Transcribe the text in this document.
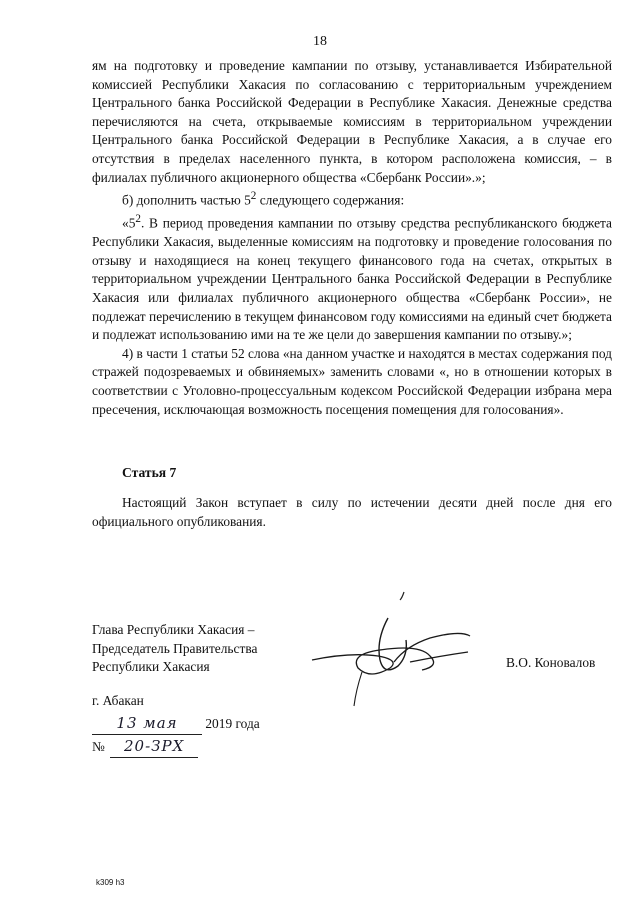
18

ям на подготовку и проведение кампании по отзыву, устанавливается Избирательной комиссией Республики Хакасия по согласованию с территориальным учреждением Центрального банка Российской Федерации в Республике Хакасия. Денежные средства перечисляются на счета, открываемые комиссиям в территориальном учреждении Центрального банка Российской Федерации в Республике Хакасия, а в случае его отсутствия в пределах населенного пункта, в котором расположена комиссия, – в филиалах публичного акционерного общества «Сбербанк России».»;

б) дополнить частью $5^2$ следующего содержания:

«$5^2$. В период проведения кампании по отзыву средства республиканского бюджета Республики Хакасия, выделенные комиссиям на подготовку и проведение голосования по отзыву и находящиеся на конец текущего финансового года на счетах, открытых в территориальном учреждении Центрального банка Российской Федерации в Республике Хакасия или филиалах публичного акционерного общества «Сбербанк России», не подлежат перечислению в текущем финансовом году комиссиями на единый счет бюджета и подлежат использованию ими на те же цели до завершения кампании по отзыву.»;

4) в части 1 статьи 52 слова «на данном участке и находятся в местах содержания под стражей подозреваемых и обвиняемых» заменить словами «, но в отношении которых в соответствии с Уголовно-процессуальным кодексом Российской Федерации избрана мера пресечения, исключающая возможность посещения помещения для голосования».

Статья 7
Настоящий Закон вступает в силу по истечении десяти дней после дня его официального опубликования.
Глава Республики Хакасия –
Председатель Правительства
Республики Хакасия	В.О. Коновалов
г. Абакан
13 мая 2019 года
№ 20-ЗРХ
k309 h3
